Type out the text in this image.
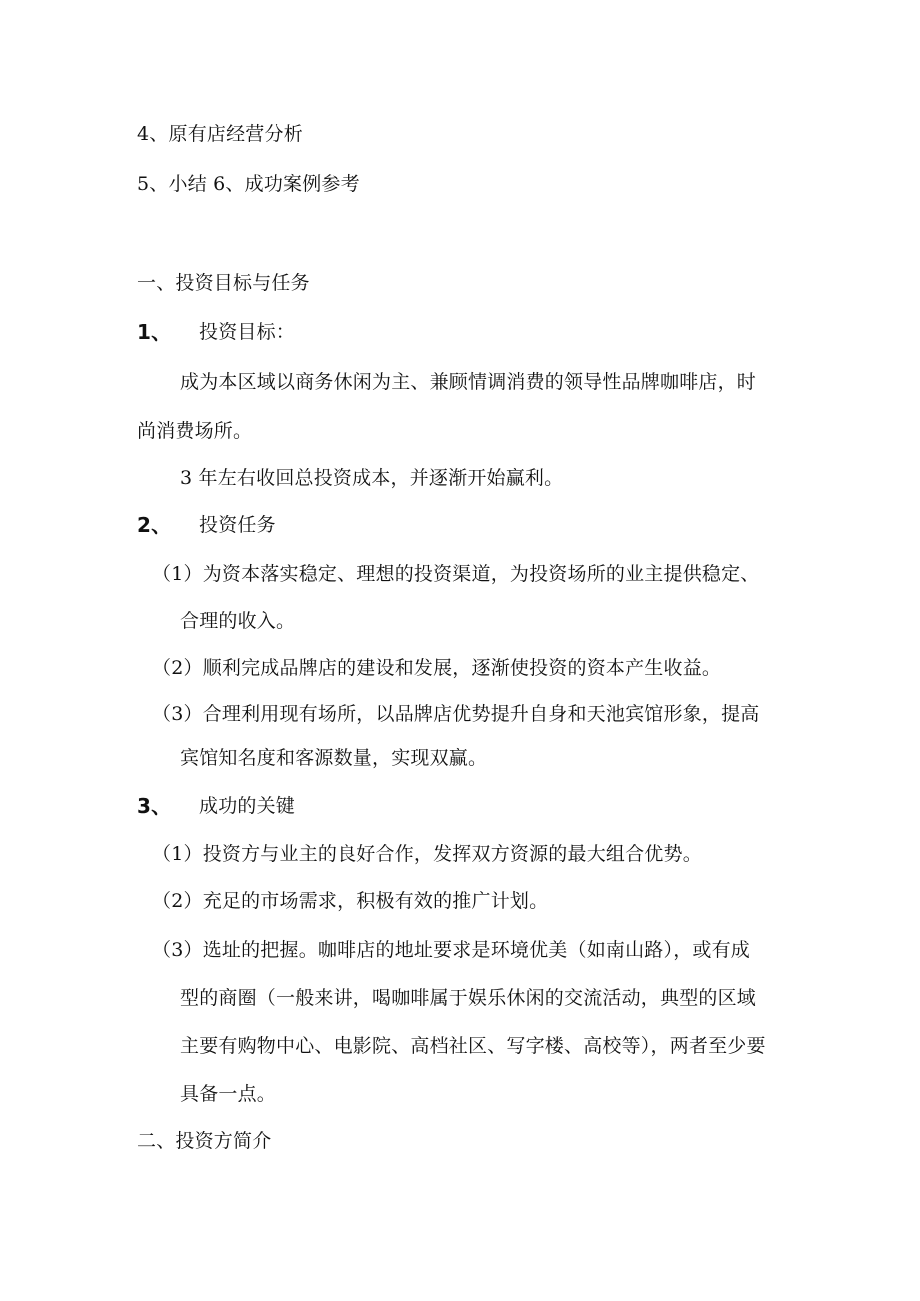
4、原有店经营分析
5、小结 6、成功案例参考
一、投资目标与任务
1、 投资目标：
成为本区域以商务休闲为主、兼顾情调消费的领导性品牌咖啡店，时
尚消费场所。
3 年左右收回总投资成本，并逐渐开始赢利。
2、 投资任务
（1）为资本落实稳定、理想的投资渠道，为投资场所的业主提供稳定、
合理的收入。
（2）顺利完成品牌店的建设和发展，逐渐使投资的资本产生收益。
（3）合理利用现有场所，以品牌店优势提升自身和天池宾馆形象，提高
宾馆知名度和客源数量，实现双赢。
3、 成功的关键
（1）投资方与业主的良好合作，发挥双方资源的最大组合优势。
（2）充足的市场需求，积极有效的推广计划。
（3）选址的把握。咖啡店的地址要求是环境优美（如南山路），或有成
型的商圈（一般来讲，喝咖啡属于娱乐休闲的交流活动，典型的区域
主要有购物中心、电影院、高档社区、写字楼、高校等），两者至少要
具备一点。
二、投资方简介
